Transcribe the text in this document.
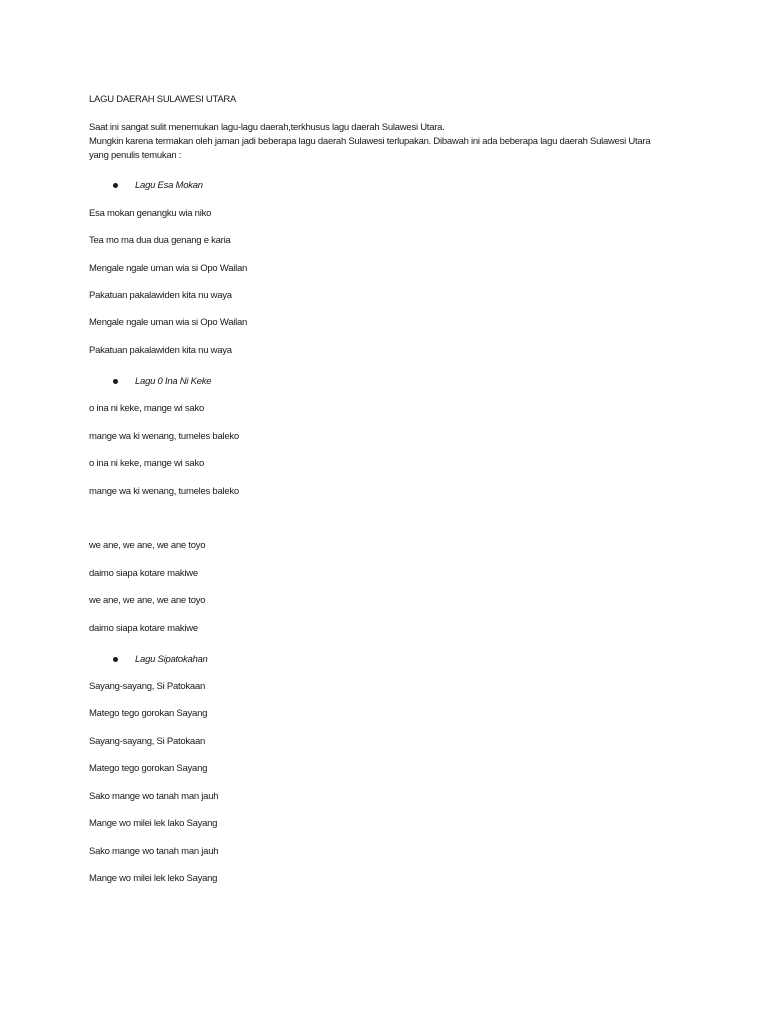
LAGU DAERAH SULAWESI UTARA
Saat ini sangat sulit menemukan lagu-lagu daerah,terkhusus lagu daerah Sulawesi Utara.
Mungkin karena termakan oleh jaman jadi beberapa lagu daerah Sulawesi terlupakan. Dibawah ini ada beberapa lagu daerah Sulawesi Utara
yang penulis temukan :
Lagu Esa Mokan
Esa mokan genangku wia niko
Tea mo ma dua dua genang e karia
Mengale ngale uman wia si Opo Wailan
Pakatuan pakalawiden kita nu waya
Mengale ngale uman wia si Opo Wailan
Pakatuan pakalawiden kita nu waya
Lagu 0 Ina Ni Keke
o ina ni keke, mange wi sako
mange wa ki wenang, tumeles baleko
o ina ni keke, mange wi sako
mange wa ki wenang, tumeles baleko
we ane, we ane, we ane toyo
daimo siapa kotare makiwe
we ane, we ane, we ane toyo
daimo siapa kotare makiwe
Lagu Sipatokahan
Sayang-sayang, Si Patokaan
Matego tego gorokan Sayang
Sayang-sayang, Si Patokaan
Matego tego gorokan Sayang
Sako mange wo tanah man jauh
Mange wo milei lek lako Sayang
Sako mange wo tanah man jauh
Mange wo milei lek leko Sayang
